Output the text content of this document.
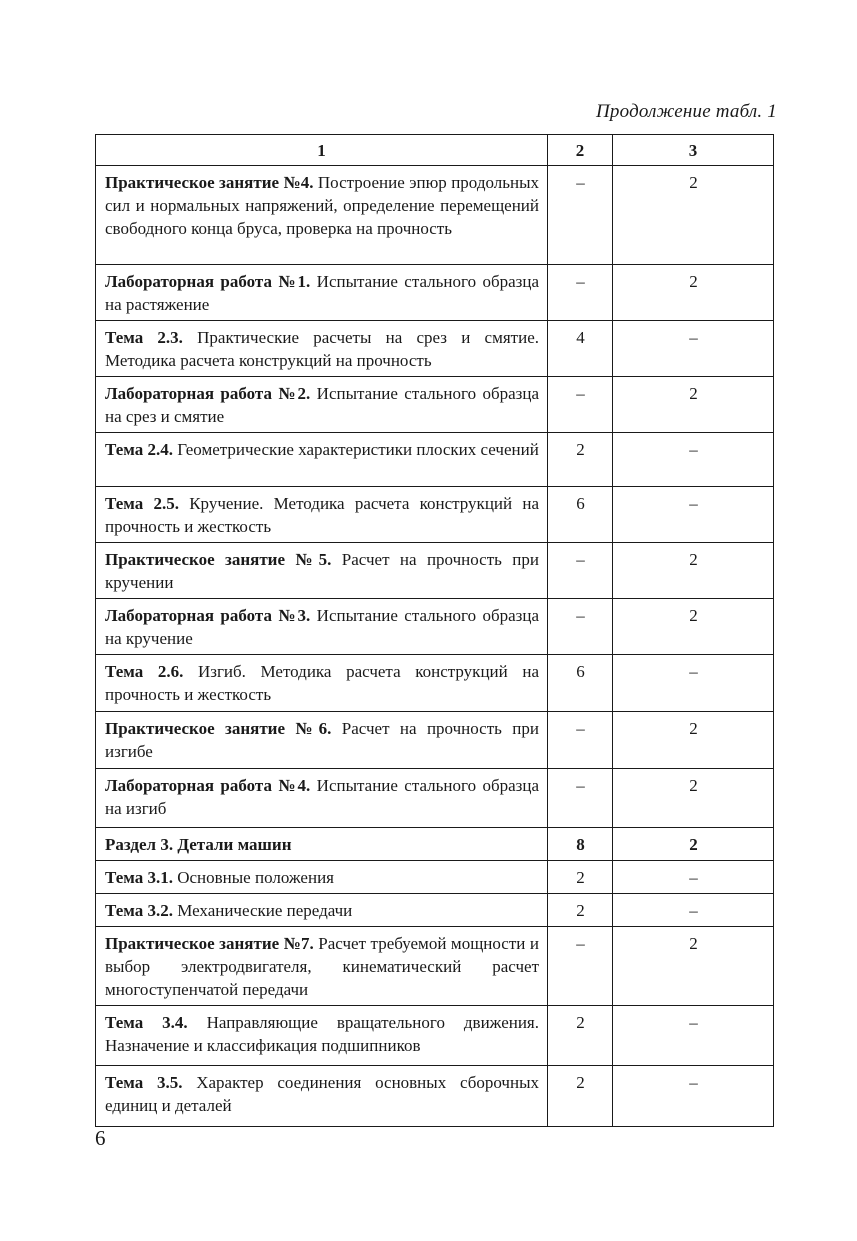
Продолжение табл. 1
1	2	3
Практическое занятие №4. Построение эпюр продольных сил и нормальных напряжений, определение перемещений свободного конца бруса, проверка на прочность	–	2
Лабораторная работа №1. Испытание стального образца на растяжение	–	2
Тема 2.3. Практические расчеты на срез и смятие. Методика расчета конструкций на прочность	4	–
Лабораторная работа №2. Испытание стального образца на срез и смятие	–	2
Тема 2.4. Геометрические характеристики плоских сечений	2	–
Тема 2.5. Кручение. Методика расчета конструкций на прочность и жесткость	6	–
Практическое занятие №5. Расчет на прочность при кручении	–	2
Лабораторная работа №3. Испытание стального образца на кручение	–	2
Тема 2.6. Изгиб. Методика расчета конструкций на прочность и жесткость	6	–
Практическое занятие №6. Расчет на прочность при изгибе	–	2
Лабораторная работа №4. Испытание стального образца на изгиб	–	2
Раздел 3. Детали машин	8	2
Тема 3.1. Основные положения	2	–
Тема 3.2. Механические передачи	2	–
Практическое занятие №7. Расчет требуемой мощности и выбор электродвигателя, кинематический расчет многоступенчатой передачи	–	2
Тема 3.4. Направляющие вращательного движения. Назначение и классификация подшипников	2	–
Тема 3.5. Характер соединения основных сборочных единиц и деталей	2	–
6
